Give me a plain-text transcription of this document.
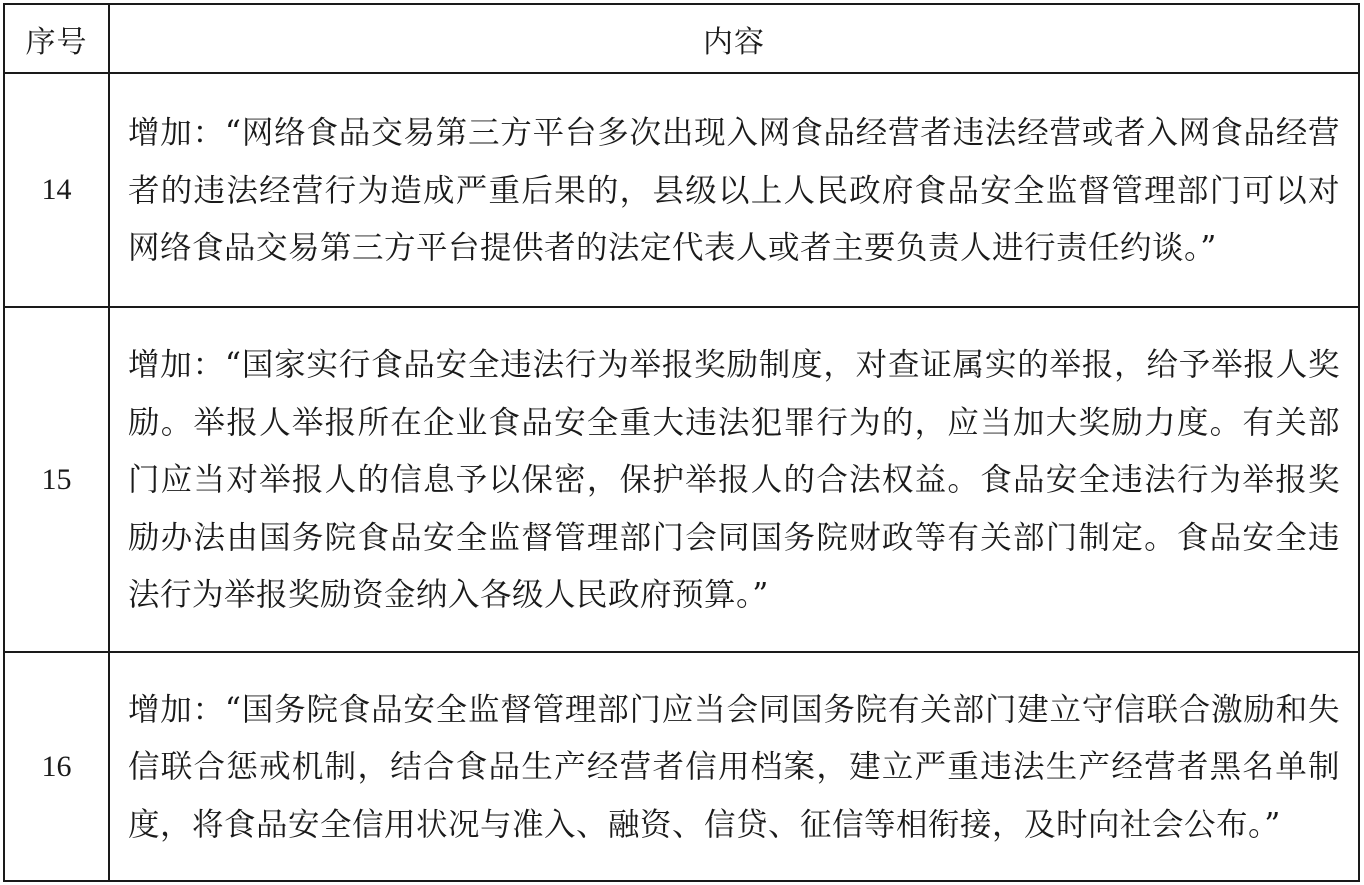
序号	内容
14	增加：“网络食品交易第三方平台多次出现入网食品经营者违法经营或者入网食品经营者的违法经营行为造成严重后果的，县级以上人民政府食品安全监督管理部门可以对网络食品交易第三方平台提供者的法定代表人或者主要负责人进行责任约谈。”
15	增加：“国家实行食品安全违法行为举报奖励制度，对查证属实的举报，给予举报人奖励。举报人举报所在企业食品安全重大违法犯罪行为的，应当加大奖励力度。有关部门应当对举报人的信息予以保密，保护举报人的合法权益。食品安全违法行为举报奖励办法由国务院食品安全监督管理部门会同国务院财政等有关部门制定。食品安全违法行为举报奖励资金纳入各级人民政府预算。”
16	增加：“国务院食品安全监督管理部门应当会同国务院有关部门建立守信联合激励和失信联合惩戒机制，结合食品生产经营者信用档案，建立严重违法生产经营者黑名单制度，将食品安全信用状况与准入、融资、信贷、征信等相衔接，及时向社会公布。”
